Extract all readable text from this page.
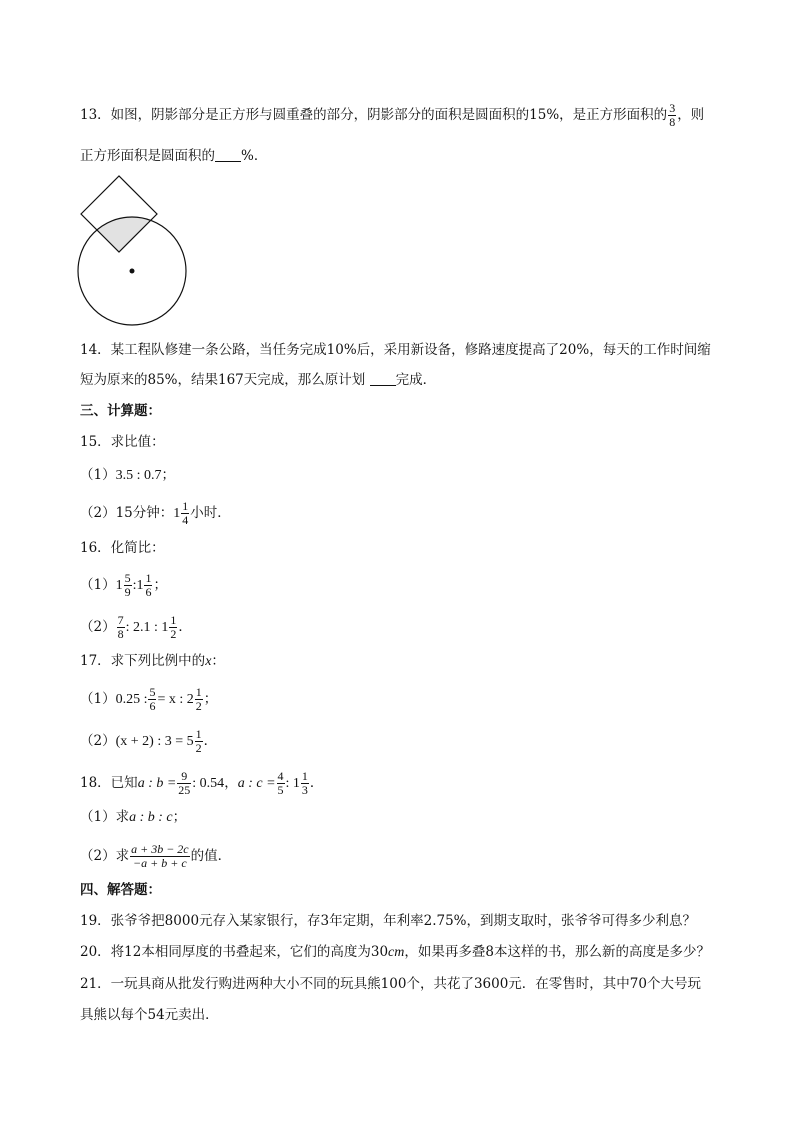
13．如图，阴影部分是正方形与圆重叠的部分，阴影部分的面积是圆面积的15%，是正方形面积的 $\frac{3}{8}$ ，则
正方形面积是圆面积的 %．
14．某工程队修建一条公路，当任务完成10%后，采用新设备，修路速度提高了20%，每天的工作时间缩
短为原来的85%，结果167天完成，那么原计划 完成．
三、计算题：
15．求比值：
（1）3.5 : 0.7；
（2）15分钟：$1 \frac{1}{4}$ 小时．
16．化简比：
$(1)1 \frac{5}{9}$ :1 $\frac{1}{6}$ ；
$(2) \frac{7}{8}$ : 2.1 : $1 \frac{1}{2}$ ．
17．求下列比例中的x：
（1）0.25 : $\frac{5}{6} = x$ : $2 \frac{1}{2}$ ；
（2）(x + 2) : $3 = 5 \frac{1}{2}$ ．
18．已知a : $b = \frac{9}{25}$ : 0.54，a : $c = \frac{4}{5}$ : $1 \frac{1}{3}$ ．
（1）求a : b : c；
（2）求 $\frac{a + 3b - 2c}{-a + b + c}$ 的值．
四、解答题：
19．张爷爷把8000元存入某家银行，存3年定期，年利率2.75%，到期支取时，张爷爷可得多少利息？
20．将12本相同厚度的书叠起来，它们的高度为30cm，如果再多叠8本这样的书，那么新的高度是多少？
21．一玩具商从批发行购进两种大小不同的玩具熊100个，共花了3600元．在零售时，其中70个大号玩
具熊以每个54元卖出．
